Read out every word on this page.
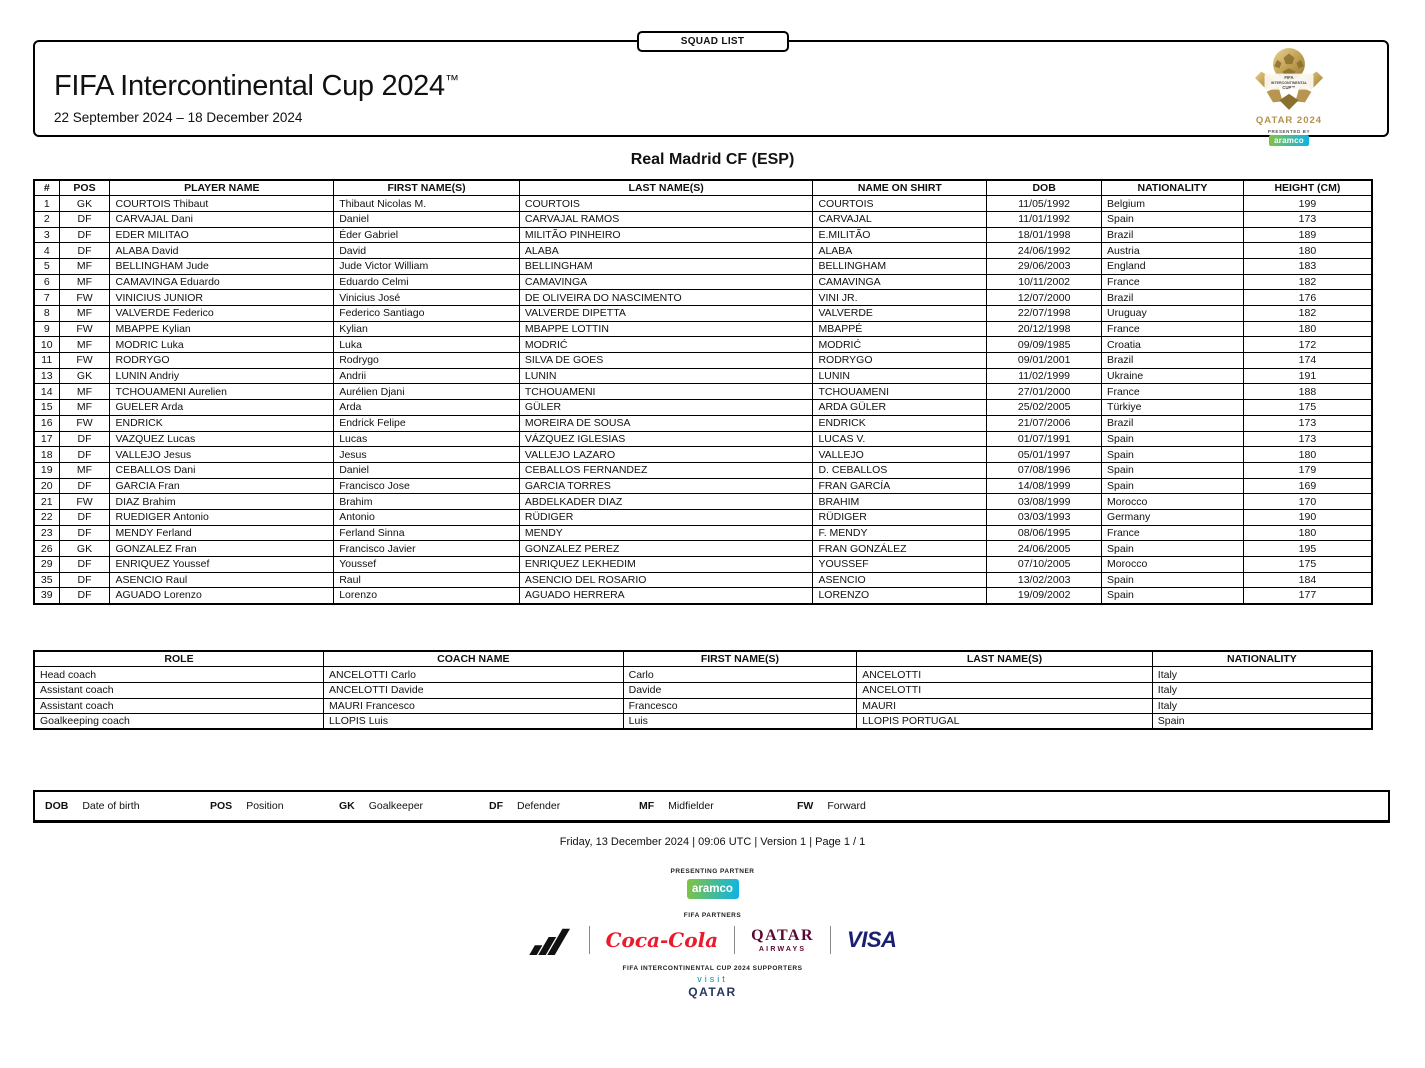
SQUAD LIST
FIFA Intercontinental Cup 2024™
22 September 2024 – 18 December 2024
FIFA
INTERCONTINENTAL
CUP™
QATAR 2024
PRESENTED BY
aramco
Real Madrid CF (ESP)
#	POS	PLAYER NAME	FIRST NAME(S)	LAST NAME(S)	NAME ON SHIRT	DOB	NATIONALITY	HEIGHT (CM)
1	GK	COURTOIS Thibaut	Thibaut Nicolas M.	COURTOIS	COURTOIS	11/05/1992	Belgium	199
2	DF	CARVAJAL Dani	Daniel	CARVAJAL RAMOS	CARVAJAL	11/01/1992	Spain	173
3	DF	EDER MILITAO	Éder Gabriel	MILITÃO PINHEIRO	E.MILITÃO	18/01/1998	Brazil	189
4	DF	ALABA David	David	ALABA	ALABA	24/06/1992	Austria	180
5	MF	BELLINGHAM Jude	Jude Victor William	BELLINGHAM	BELLINGHAM	29/06/2003	England	183
6	MF	CAMAVINGA Eduardo	Eduardo Celmi	CAMAVINGA	CAMAVINGA	10/11/2002	France	182
7	FW	VINICIUS JUNIOR	Vinicius José	DE OLIVEIRA DO NASCIMENTO	VINI JR.	12/07/2000	Brazil	176
8	MF	VALVERDE Federico	Federico Santiago	VALVERDE DIPETTA	VALVERDE	22/07/1998	Uruguay	182
9	FW	MBAPPE Kylian	Kylian	MBAPPE LOTTIN	MBAPPÉ	20/12/1998	France	180
10	MF	MODRIC Luka	Luka	MODRIĆ	MODRIĆ	09/09/1985	Croatia	172
11	FW	RODRYGO	Rodrygo	SILVA DE GOES	RODRYGO	09/01/2001	Brazil	174
13	GK	LUNIN Andriy	Andrii	LUNIN	LUNIN	11/02/1999	Ukraine	191
14	MF	TCHOUAMENI Aurelien	Aurélien Djani	TCHOUAMENI	TCHOUAMENI	27/01/2000	France	188
15	MF	GUELER Arda	Arda	GÜLER	ARDA GÜLER	25/02/2005	Türkiye	175
16	FW	ENDRICK	Endrick Felipe	MOREIRA DE SOUSA	ENDRICK	21/07/2006	Brazil	173
17	DF	VAZQUEZ Lucas	Lucas	VÁZQUEZ IGLESIAS	LUCAS V.	01/07/1991	Spain	173
18	DF	VALLEJO Jesus	Jesus	VALLEJO LAZARO	VALLEJO	05/01/1997	Spain	180
19	MF	CEBALLOS Dani	Daniel	CEBALLOS FERNANDEZ	D. CEBALLOS	07/08/1996	Spain	179
20	DF	GARCIA Fran	Francisco Jose	GARCIA TORRES	FRAN GARCÍA	14/08/1999	Spain	169
21	FW	DIAZ Brahim	Brahim	ABDELKADER DIAZ	BRAHIM	03/08/1999	Morocco	170
22	DF	RUEDIGER Antonio	Antonio	RÜDIGER	RÜDIGER	03/03/1993	Germany	190
23	DF	MENDY Ferland	Ferland Sinna	MENDY	F. MENDY	08/06/1995	France	180
26	GK	GONZALEZ Fran	Francisco Javier	GONZALEZ PEREZ	FRAN GONZÁLEZ	24/06/2005	Spain	195
29	DF	ENRIQUEZ Youssef	Youssef	ENRIQUEZ LEKHEDIM	YOUSSEF	07/10/2005	Morocco	175
35	DF	ASENCIO Raul	Raul	ASENCIO DEL ROSARIO	ASENCIO	13/02/2003	Spain	184
39	DF	AGUADO Lorenzo	Lorenzo	AGUADO HERRERA	LORENZO	19/09/2002	Spain	177
ROLE	COACH NAME	FIRST NAME(S)	LAST NAME(S)	NATIONALITY
Head coach	ANCELOTTI Carlo	Carlo	ANCELOTTI	Italy
Assistant coach	ANCELOTTI Davide	Davide	ANCELOTTI	Italy
Assistant coach	MAURI Francesco	Francesco	MAURI	Italy
Goalkeeping coach	LLOPIS Luis	Luis	LLOPIS PORTUGAL	Spain
DOB Date of birth	POS Position	GK Goalkeeper	DF Defender	MF Midfielder	FW Forward
Friday, 13 December 2024 | 09:06 UTC | Version 1 | Page 1 / 1
PRESENTING PARTNER
aramco
FIFA PARTNERS
Coca-Cola QATAR
AIRWAYS	VISA
FIFA INTERCONTINENTAL CUP 2024 SUPPORTERS
visit
QATAR
